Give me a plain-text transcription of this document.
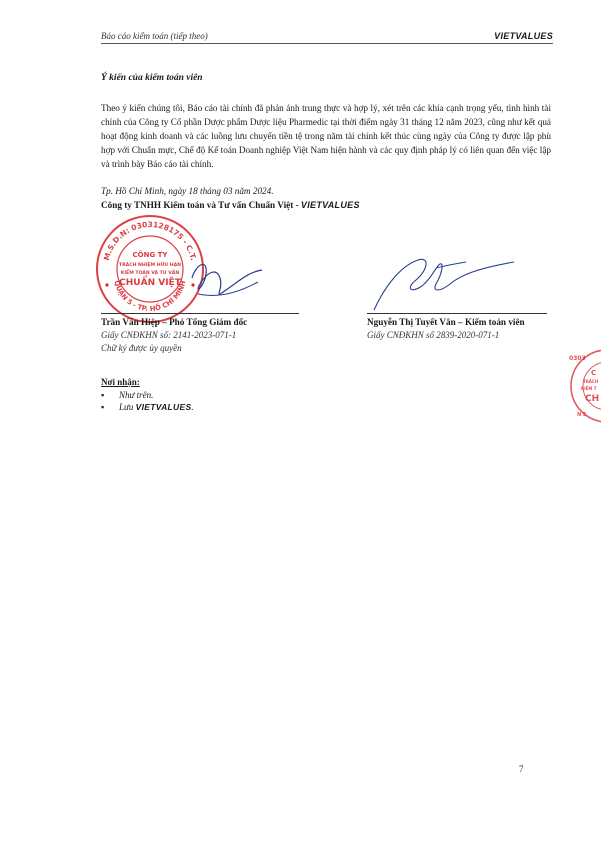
Báo cáo kiểm toán (tiếp theo)	VIETVALUES
Ý kiến của kiểm toán viên

Theo ý kiến chúng tôi, Báo cáo tài chính đã phản ánh trung thực và hợp lý, xét trên các khía cạnh trọng yếu, tình hình tài chính của Công ty Cổ phần Dược phẩm Dược liệu Pharmedic tại thời điểm ngày 31 tháng 12 năm 2023, cũng như kết quả hoạt động kinh doanh và các luồng lưu chuyển tiền tệ trong năm tài chính kết thúc cùng ngày của Công ty được lập phù hợp với Chuẩn mực, Chế độ Kế toán Doanh nghiệp Việt Nam hiện hành và các quy định pháp lý có liên quan đến việc lập và trình bày Báo cáo tài chính.

Tp. Hồ Chí Minh, ngày 18 tháng 03 năm 2024.
Công ty TNHH Kiểm toán và Tư vấn Chuẩn Việt - VIETVALUES
M.S.D.N: 0303128175 - C.T.
QUẬN 5 - TP. HỒ CHÍ MINH
CÔNG TY
TRÁCH NHIỆM HỮU HẠN
KIỂM TOÁN VÀ TƯ VẤN
CHUẨN VIỆT
Trần Văn Hiệp – Phó Tổng Giám đốc
Giấy CNĐKHN số: 2141-2023-071-1
Chữ ký được ủy quyền
Nguyễn Thị Tuyết Vân – Kiểm toán viên
Giấy CNĐKHN số 2839-2020-071-1
Nơi nhận:
▪ Như trên.
▪ Lưu VIETVALUES.
0303
C
TRÁCH
KIỂM T
CH
N 5
7
